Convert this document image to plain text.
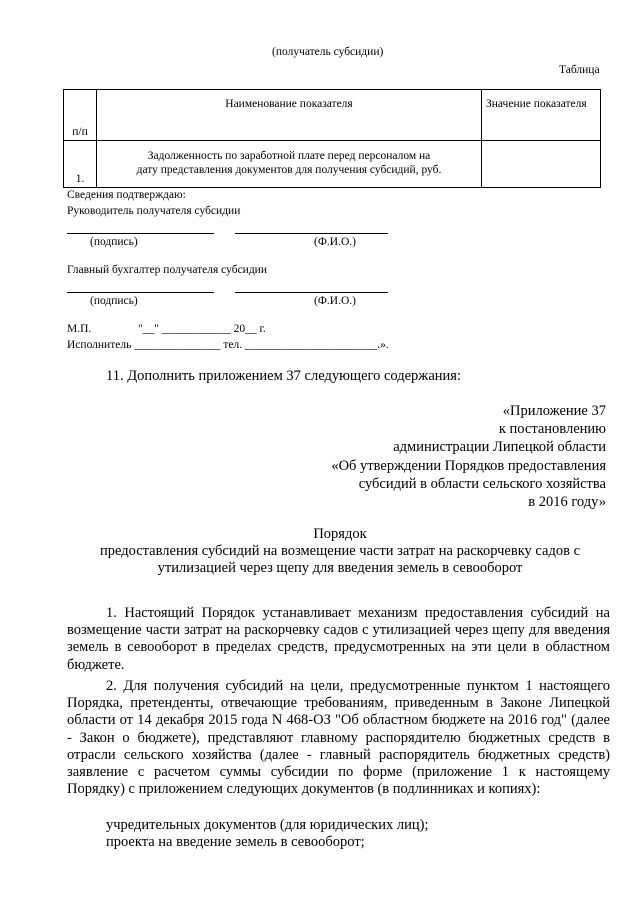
(получатель субсидии)
Таблица
п/п	Наименование показателя	Значение показателя
1.	Задолженность по заработной плате перед персоналом на
дату представления документов для получения субсидий, руб.	
Сведения подтверждаю:
Руководитель получателя субсидии
(подпись)	(Ф.И.О.)
Главный бухгалтер получателя субсидии
(подпись)	(Ф.И.О.)
М.П.	"__" ____________ 20__ г.
Исполнитель _______________ тел. _______________________.».
11. Дополнить приложением 37 следующего содержания:
«Приложение 37
к постановлению
администрации Липецкой области
«Об утверждении Порядков предоставления
субсидий в области сельского хозяйства
в 2016 году»
Порядок
предоставления субсидий на возмещение части затрат на раскорчевку садов с
утилизацией через щепу для введения земель в севооборот
1. Настоящий Порядок устанавливает механизм предоставления субсидий на возмещение части затрат на раскорчевку садов с утилизацией через щепу для введения земель в севооборот в пределах средств, предусмотренных на эти цели в областном бюджете.
2. Для получения субсидий на цели, предусмотренные пунктом 1 настоящего Порядка, претенденты, отвечающие требованиям, приведенным в Законе Липецкой области от 14 декабря 2015 года N 468-ОЗ "Об областном бюджете на 2016 год" (далее - Закон о бюджете), представляют главному распорядителю бюджетных средств в отрасли сельского хозяйства (далее - главный распорядитель бюджетных средств) заявление с расчетом суммы субсидии по форме (приложение 1 к настоящему Порядку) с приложением следующих документов (в подлинниках и копиях):
учредительных документов (для юридических лиц);
проекта на введение земель в севооборот;
